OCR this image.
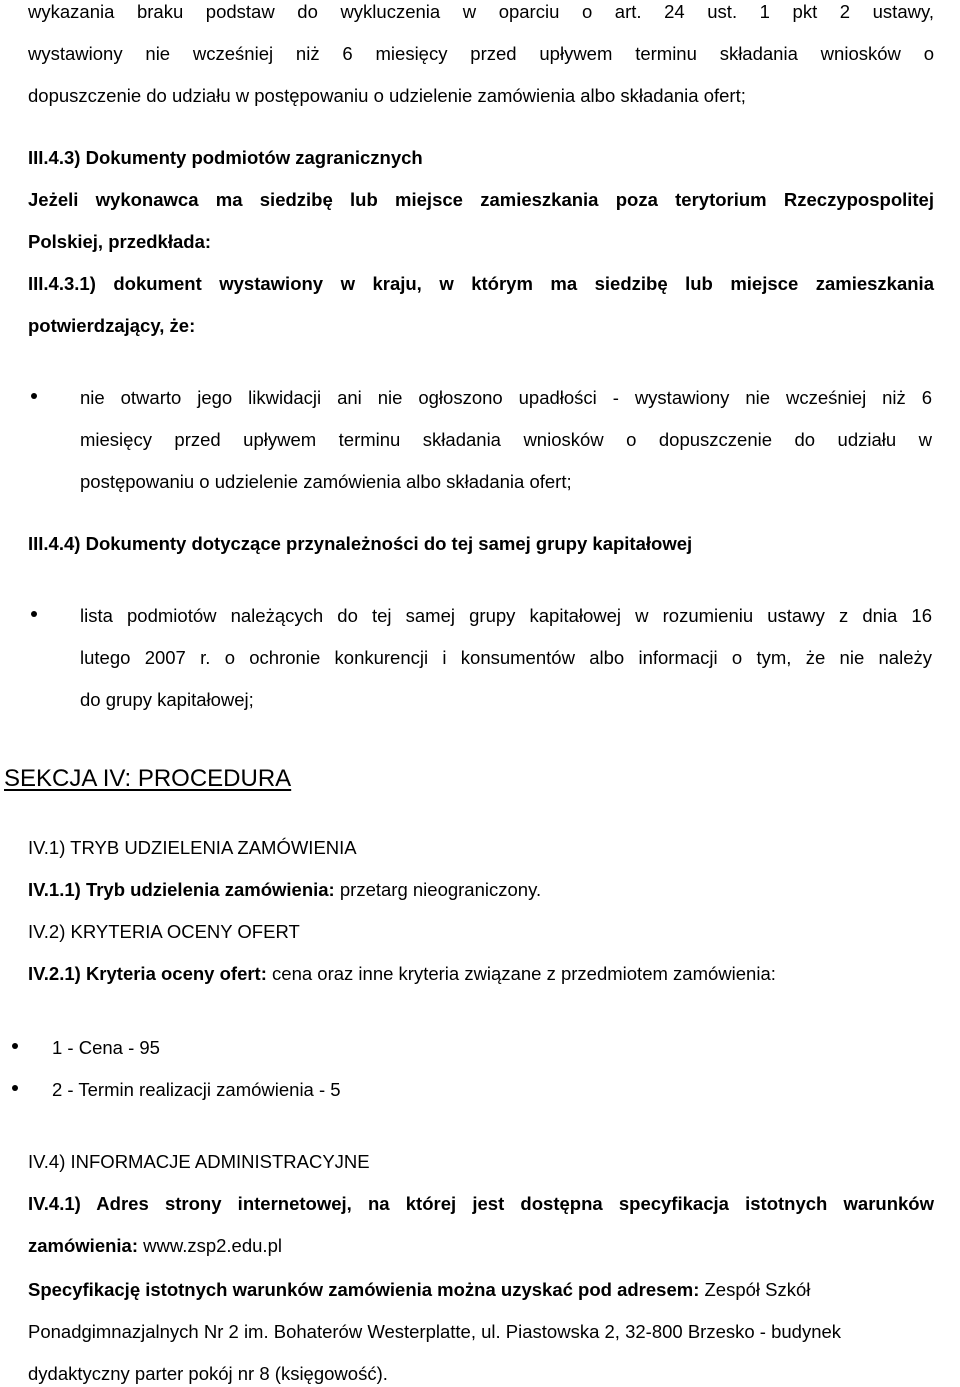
wykazania braku podstaw do wykluczenia w oparciu o art. 24 ust. 1 pkt 2 ustawy,
wystawiony nie wcześniej niż 6 miesięcy przed upływem terminu składania wniosków o
dopuszczenie do udziału w postępowaniu o udzielenie zamówienia albo składania ofert;
III.4.3) Dokumenty podmiotów zagranicznych
Jeżeli wykonawca ma siedzibę lub miejsce zamieszkania poza terytorium Rzeczypospolitej
Polskiej, przedkłada:
III.4.3.1) dokument wystawiony w kraju, w którym ma siedzibę lub miejsce zamieszkania
potwierdzający, że:
nie otwarto jego likwidacji ani nie ogłoszono upadłości - wystawiony nie wcześniej niż 6
miesięcy przed upływem terminu składania wniosków o dopuszczenie do udziału w
postępowaniu o udzielenie zamówienia albo składania ofert;
III.4.4) Dokumenty dotyczące przynależności do tej samej grupy kapitałowej
lista podmiotów należących do tej samej grupy kapitałowej w rozumieniu ustawy z dnia 16
lutego 2007 r. o ochronie konkurencji i konsumentów albo informacji o tym, że nie należy
do grupy kapitałowej;
SEKCJA IV: PROCEDURA
IV.1) TRYB UDZIELENIA ZAMÓWIENIA
IV.1.1) Tryb udzielenia zamówienia: przetarg nieograniczony.
IV.2) KRYTERIA OCENY OFERT
IV.2.1) Kryteria oceny ofert: cena oraz inne kryteria związane z przedmiotem zamówienia:
1 - Cena - 95
2 - Termin realizacji zamówienia - 5
IV.4) INFORMACJE ADMINISTRACYJNE
IV.4.1) Adres strony internetowej, na której jest dostępna specyfikacja istotnych warunków
zamówienia: www.zsp2.edu.pl
Specyfikację istotnych warunków zamówienia można uzyskać pod adresem: Zespół Szkół
Ponadgimnazjalnych Nr 2 im. Bohaterów Westerplatte, ul. Piastowska 2, 32-800 Brzesko - budynek
dydaktyczny parter pokój nr 8 (księgowość).
